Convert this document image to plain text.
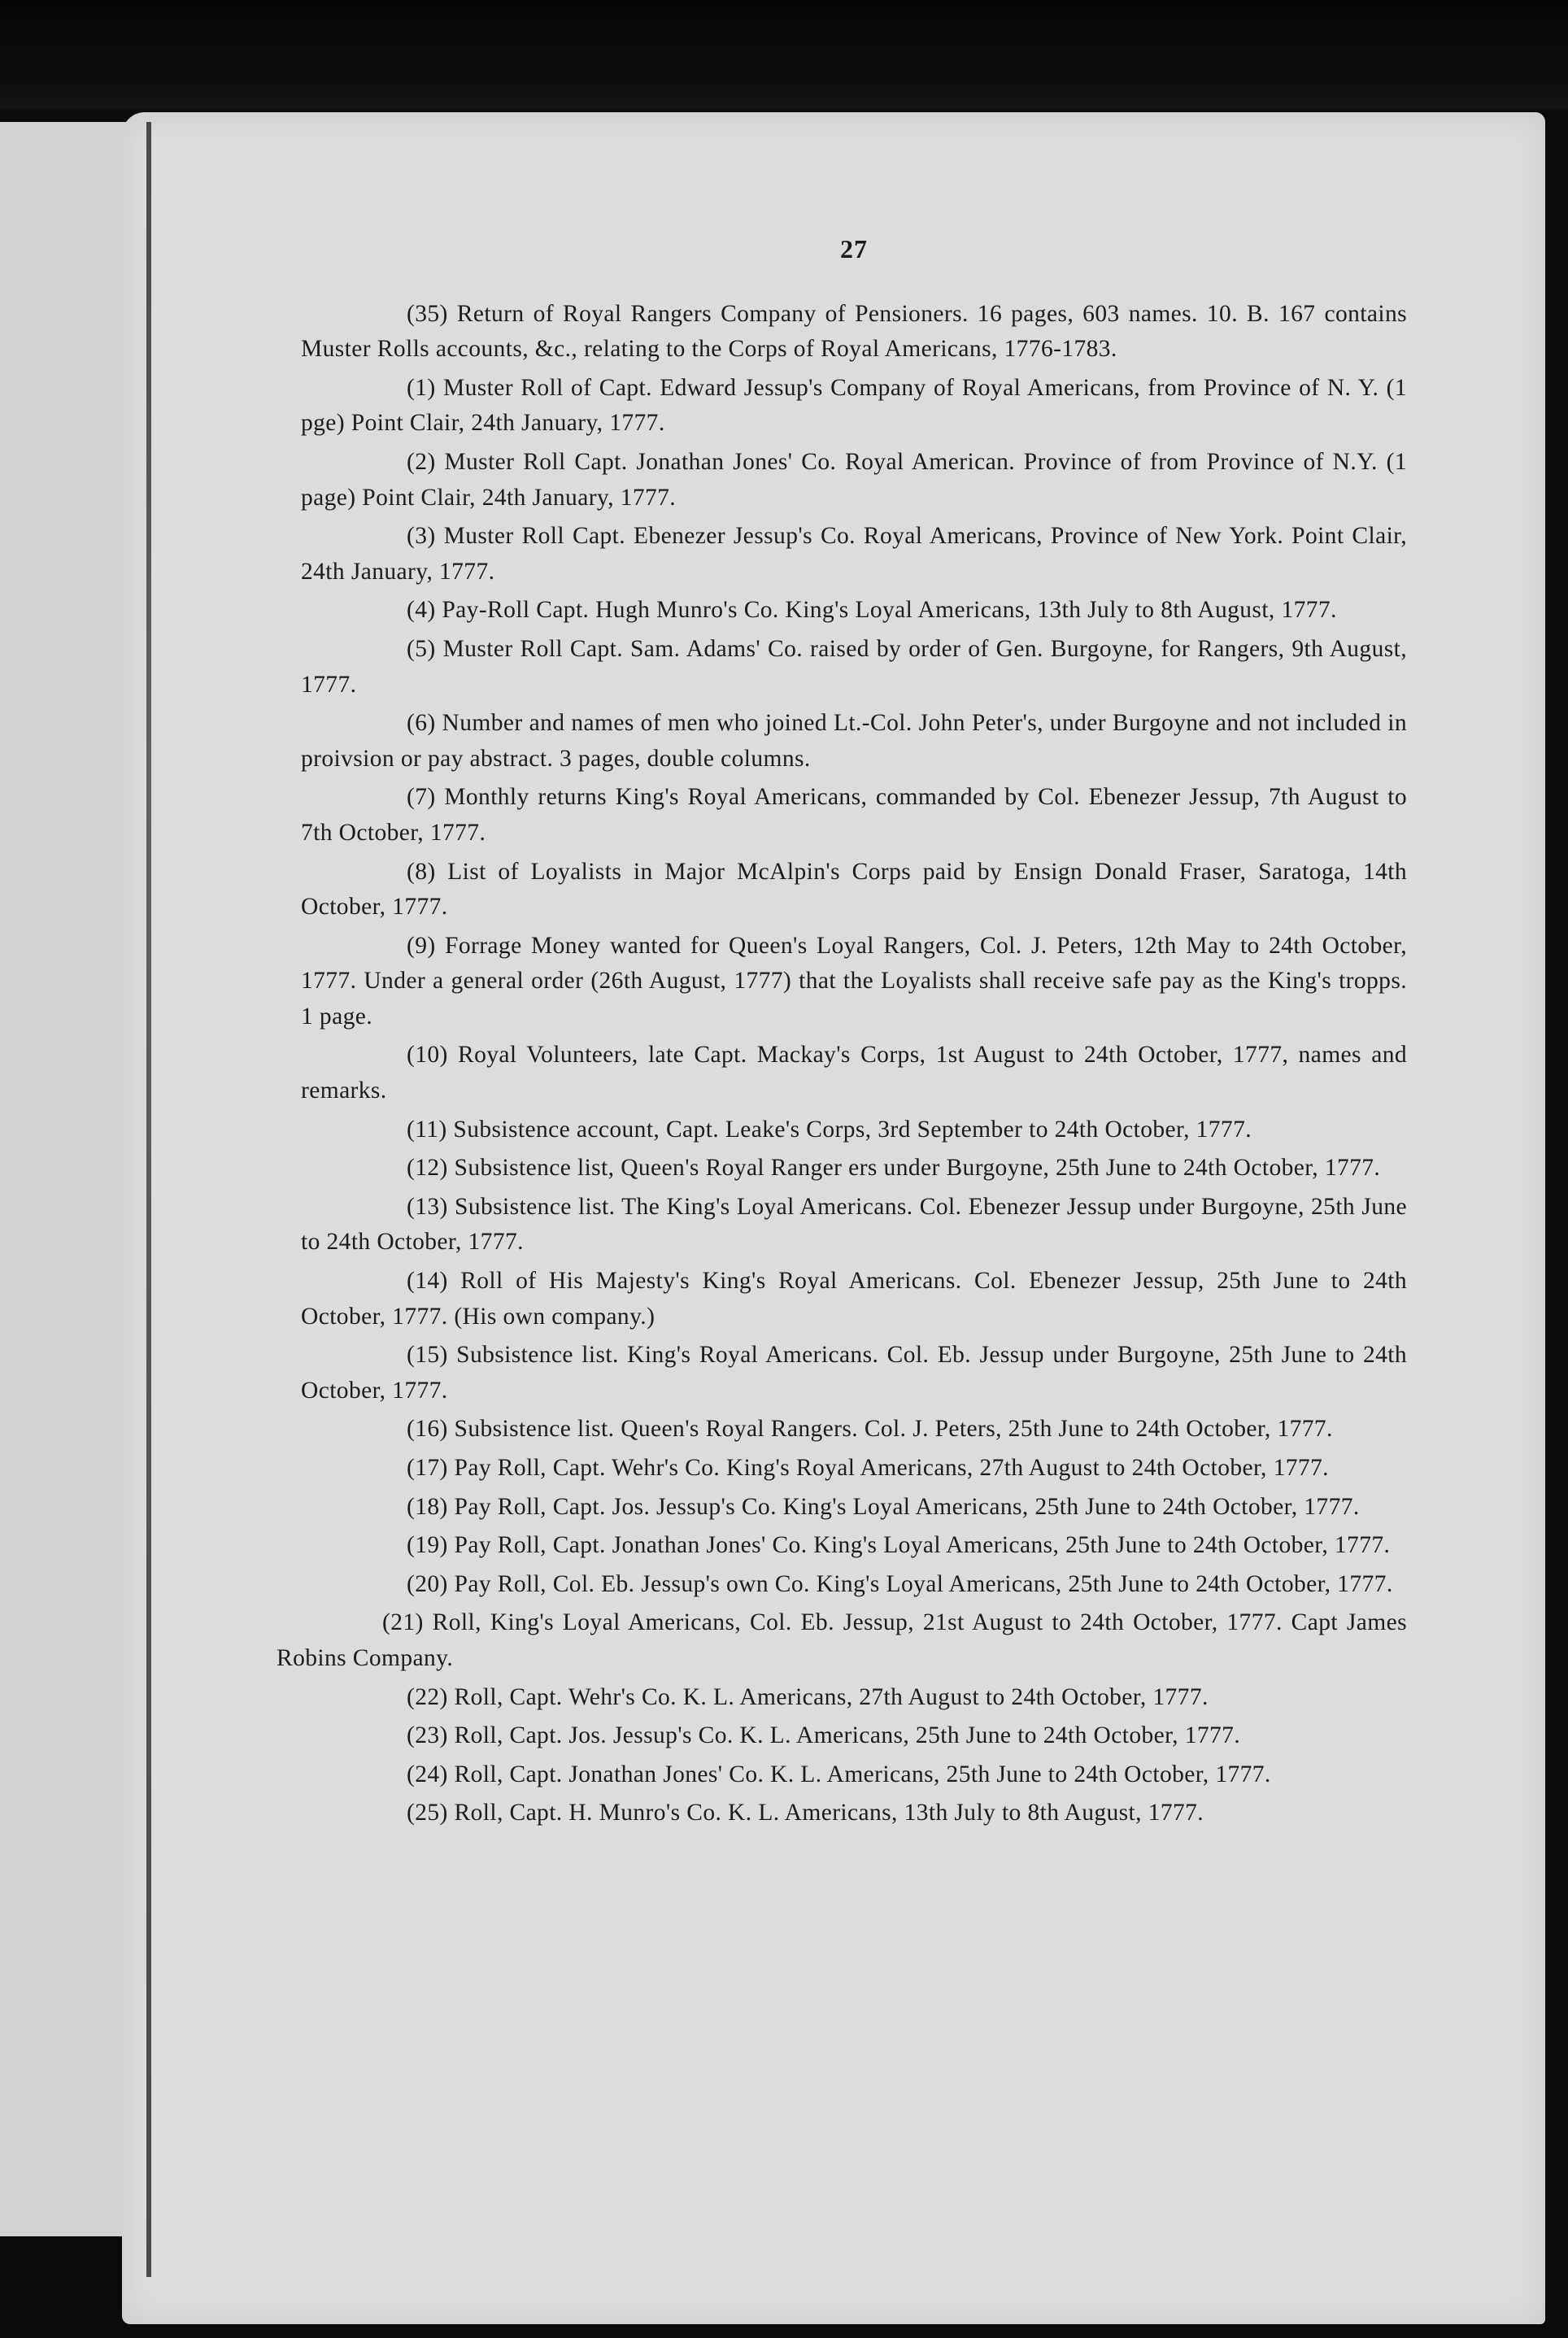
27

(35) Return of Royal Rangers Company of Pensioners. 16 pages, 603 names. 10. B. 167 contains Muster Rolls accounts, &c., relating to the Corps of Royal Americans, 1776-1783.

(1) Muster Roll of Capt. Edward Jessup's Company of Royal Americans, from Province of N. Y. (1 pge) Point Clair, 24th January, 1777.

(2) Muster Roll Capt. Jonathan Jones' Co. Royal American. Province of from Province of N.Y. (1 page) Point Clair, 24th January, 1777.

(3) Muster Roll Capt. Ebenezer Jessup's Co. Royal Americans, Province of New York. Point Clair, 24th January, 1777.

(4) Pay-Roll Capt. Hugh Munro's Co. King's Loyal Americans, 13th July to 8th August, 1777.

(5) Muster Roll Capt. Sam. Adams' Co. raised by order of Gen. Burgoyne, for Rangers, 9th August, 1777.

(6) Number and names of men who joined Lt.-Col. John Peter's, under Burgoyne and not included in proivsion or pay abstract. 3 pages, double columns.

(7) Monthly returns King's Royal Americans, commanded by Col. Ebenezer Jessup, 7th August to 7th October, 1777.

(8) List of Loyalists in Major McAlpin's Corps paid by Ensign Donald Fraser, Saratoga, 14th October, 1777.

(9) Forrage Money wanted for Queen's Loyal Rangers, Col. J. Peters, 12th May to 24th October, 1777. Under a general order (26th August, 1777) that the Loyalists shall receive safe pay as the King's tropps. 1 page.

(10) Royal Volunteers, late Capt. Mackay's Corps, 1st August to 24th October, 1777, names and remarks.

(11) Subsistence account, Capt. Leake's Corps, 3rd September to 24th October, 1777.

(12) Subsistence list, Queen's Royal Ranger ers under Burgoyne, 25th June to 24th October, 1777.

(13) Subsistence list. The King's Loyal Americans. Col. Ebenezer Jessup under Burgoyne, 25th June to 24th October, 1777.

(14) Roll of His Majesty's King's Royal Americans. Col. Ebenezer Jessup, 25th June to 24th October, 1777. (His own company.)

(15) Subsistence list. King's Royal Americans. Col. Eb. Jessup under Burgoyne, 25th June to 24th October, 1777.

(16) Subsistence list. Queen's Royal Rangers. Col. J. Peters, 25th June to 24th October, 1777.

(17) Pay Roll, Capt. Wehr's Co. King's Royal Americans, 27th August to 24th October, 1777.

(18) Pay Roll, Capt. Jos. Jessup's Co. King's Loyal Americans, 25th June to 24th October, 1777.

(19) Pay Roll, Capt. Jonathan Jones' Co. King's Loyal Americans, 25th June to 24th October, 1777.

(20) Pay Roll, Col. Eb. Jessup's own Co. King's Loyal Americans, 25th June to 24th October, 1777.

(21) Roll, King's Loyal Americans, Col. Eb. Jessup, 21st August to 24th October, 1777. Capt James Robins Company.

(22) Roll, Capt. Wehr's Co. K. L. Americans, 27th August to 24th October, 1777.

(23) Roll, Capt. Jos. Jessup's Co. K. L. Americans, 25th June to 24th October, 1777.

(24) Roll, Capt. Jonathan Jones' Co. K. L. Americans, 25th June to 24th October, 1777.

(25) Roll, Capt. H. Munro's Co. K. L. Americans, 13th July to 8th August, 1777.
